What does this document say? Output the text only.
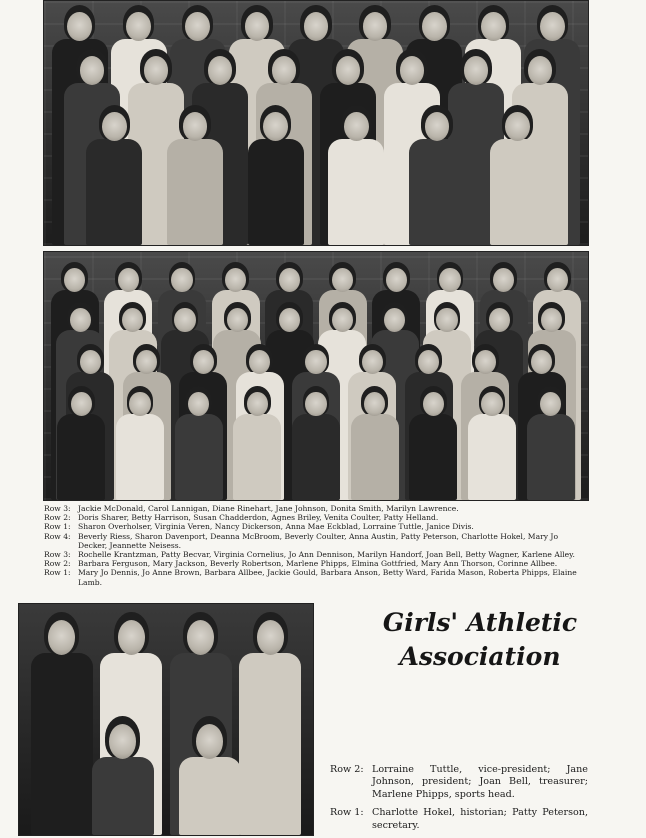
Row 3: Jackie McDonald, Carol Lannigan, Diane Rinehart, Jane Johnson, Donita Smith, Marilyn Lawrence.

Row 2: Doris Sharer, Betty Harrison, Susan Chadderdon, Agnes Briley, Venita Coulter, Patty Helland.

Row 1: Sharon Overholser, Virginia Veren, Nancy Dickerson, Anna Mae Eckblad, Lorraine Tuttle, Janice Divis.

Row 4: Beverly Riess, Sharon Davenport, Deanna McBroom, Beverly Coulter, Anna Austin, Patty Peterson, Charlotte Hokel, Mary Jo Decker, Jeannette Neisess.

Row 3: Rochelle Krantzman, Patty Becvar, Virginia Cornelius, Jo Ann Dennison, Marilyn Handorf, Joan Bell, Betty Wagner, Karlene Alley.

Row 2: Barbara Ferguson, Mary Jackson, Beverly Robertson, Marlene Phipps, Elmina Gottfried, Mary Ann Thorson, Corinne Allbee.

Row 1: Mary Jo Dennis, Jo Anne Brown, Barbara Allbee, Jackie Gould, Barbara Anson, Betty Ward, Farida Mason, Roberta Phipps, Elaine Lamb.

Girls' Athletic
Association

Row 2: Lorraine Tuttle, vice-president; Jane Johnson, president; Joan Bell, treasurer; Marlene Phipps, sports head.

Row 1: Charlotte Hokel, historian; Patty Peterson, secretary.
